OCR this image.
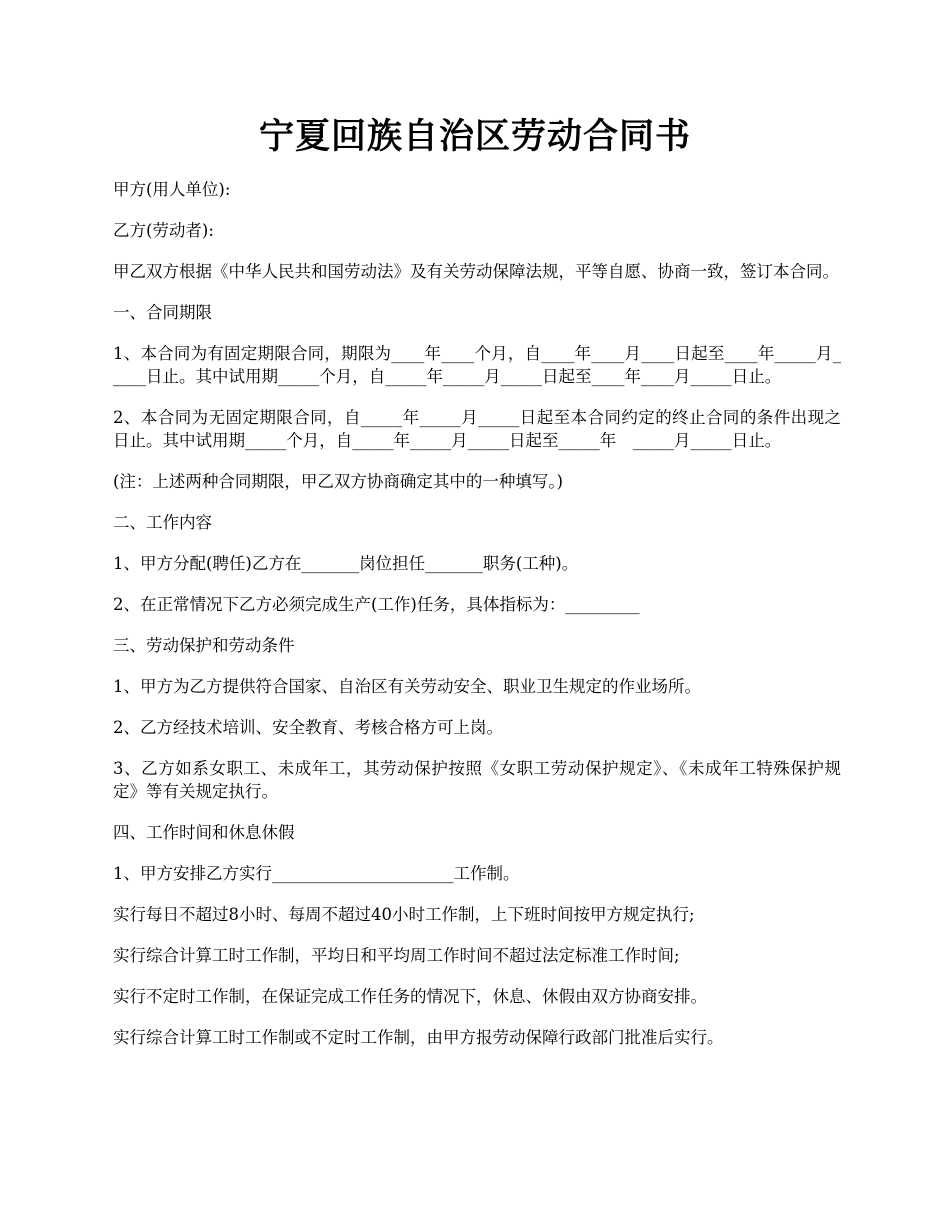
宁夏回族自治区劳动合同书

甲方(用人单位):

乙方(劳动者):

甲乙双方根据《中华人民共和国劳动法》及有关劳动保障法规，平等自愿、协商一致，签订本合同。

一、合同期限

1、本合同为有固定期限合同，期限为____年____个月，自____年____月____日起至____年_____月_____日止。其中试用期_____个月，自_____年_____月_____日起至____年____月_____日止。

2、本合同为无固定期限合同，自_____年_____月_____日起至本合同约定的终止合同的条件出现之日止。其中试用期_____个月，自_____年_____月_____日起至_____年　_____月_____日止。

(注：上述两种合同期限，甲乙双方协商确定其中的一种填写。)

二、工作内容

1、甲方分配(聘任)乙方在_______岗位担任_______职务(工种)。

2、在正常情况下乙方必须完成生产(工作)任务，具体指标为：_________

三、劳动保护和劳动条件

1、甲方为乙方提供符合国家、自治区有关劳动安全、职业卫生规定的作业场所。

2、乙方经技术培训、安全教育、考核合格方可上岗。

3、乙方如系女职工、未成年工，其劳动保护按照《女职工劳动保护规定》、《未成年工特殊保护规定》等有关规定执行。

四、工作时间和休息休假

1、甲方安排乙方实行______________________工作制。

实行每日不超过8小时、每周不超过40小时工作制，上下班时间按甲方规定执行;

实行综合计算工时工作制，平均日和平均周工作时间不超过法定标准工作时间;

实行不定时工作制，在保证完成工作任务的情况下，休息、休假由双方协商安排。

实行综合计算工时工作制或不定时工作制，由甲方报劳动保障行政部门批准后实行。
